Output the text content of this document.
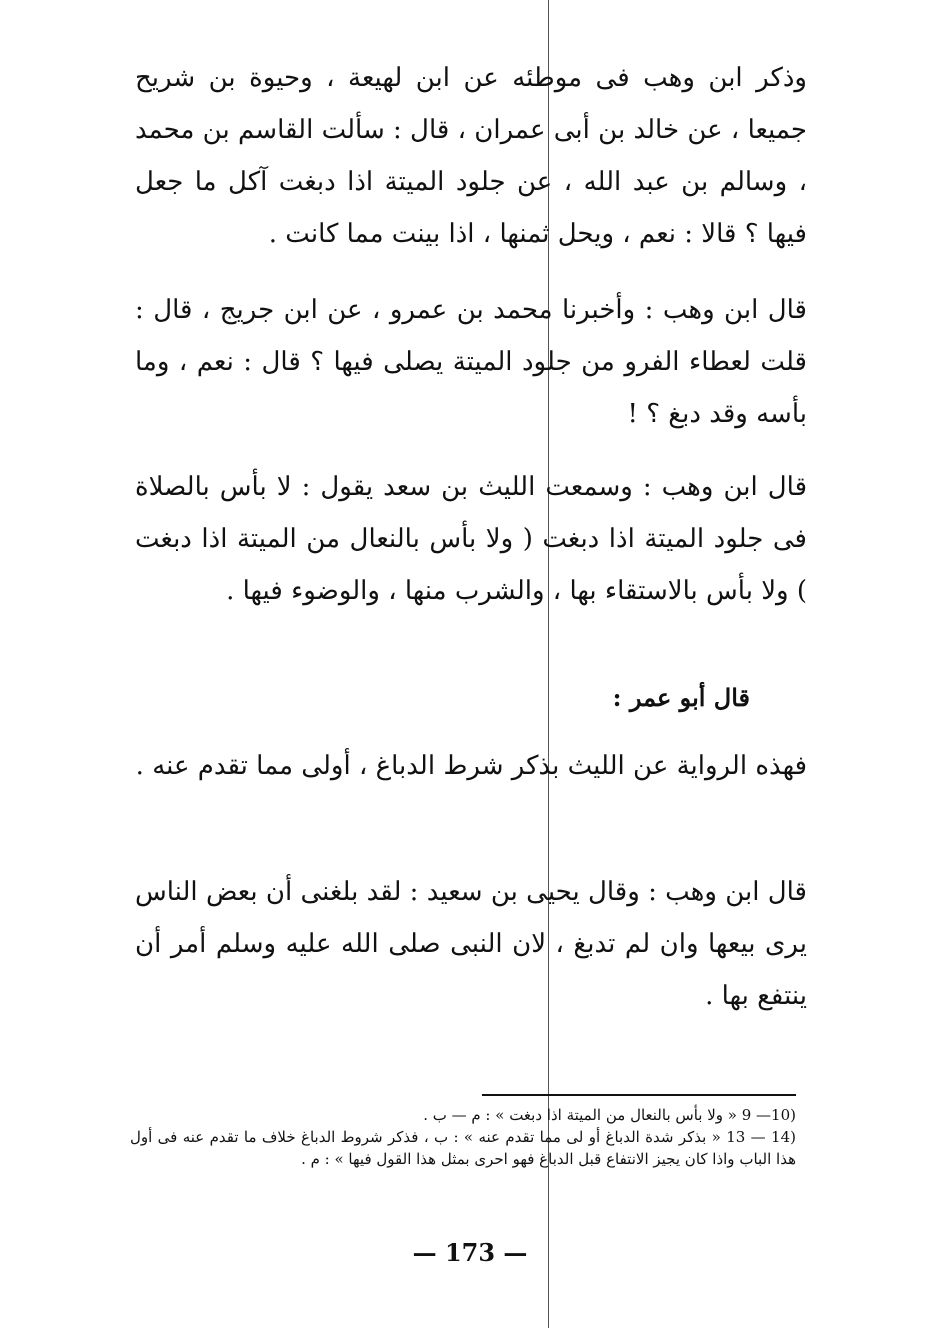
وذكر ابن وهب فى موطئه عن ابن لهيعة ، وحيوة بن شريح جميعا ، عن خالد بن أبى عمران ، قال : سألت القاسم بن محمد ، وسالم بن عبد الله ، عن جلود الميتة اذا دبغت آكل ما جعل فيها ؟ قالا : نعم ، ويحل ثمنها ، اذا بينت مما كانت .
قال ابن وهب : وأخبرنا محمد بن عمرو ، عن ابن جريج ، قال : قلت لعطاء الفرو من جلود الميتة يصلى فيها ؟ قال : نعم ، وما بأسه وقد دبغ ؟ !
قال ابن وهب : وسمعت الليث بن سعد يقول : لا بأس بالصلاة فى جلود الميتة اذا دبغت ( ولا بأس بالنعال من الميتة اذا دبغت ) ولا بأس بالاستقاء بها ، والشرب منها ، والوضوء فيها .
قال أبو عمر :
فهذه الرواية عن الليث بذكر شرط الدباغ ، أولى مما تقدم عنه .
قال ابن وهب : وقال يحيى بن سعيد : لقد بلغنى أن بعض الناس يرى بيعها وان لم تدبغ ، لان النبى صلى الله عليه وسلم أمر أن ينتفع بها .
9 —10) « ولا بأس بالنعال من الميتة اذا دبغت » : م — ب .
13 — 14) « بذكر شدة الدباغ أو لى مما تقدم عنه » : ب ، فذكر شروط الدباغ خلاف ما تقدم عنه فى أول هذا الباب واذا كان يجيز الانتفاع قبل الدباغ فهو احرى بمثل هذا القول فيها » : م .
— 173 —
